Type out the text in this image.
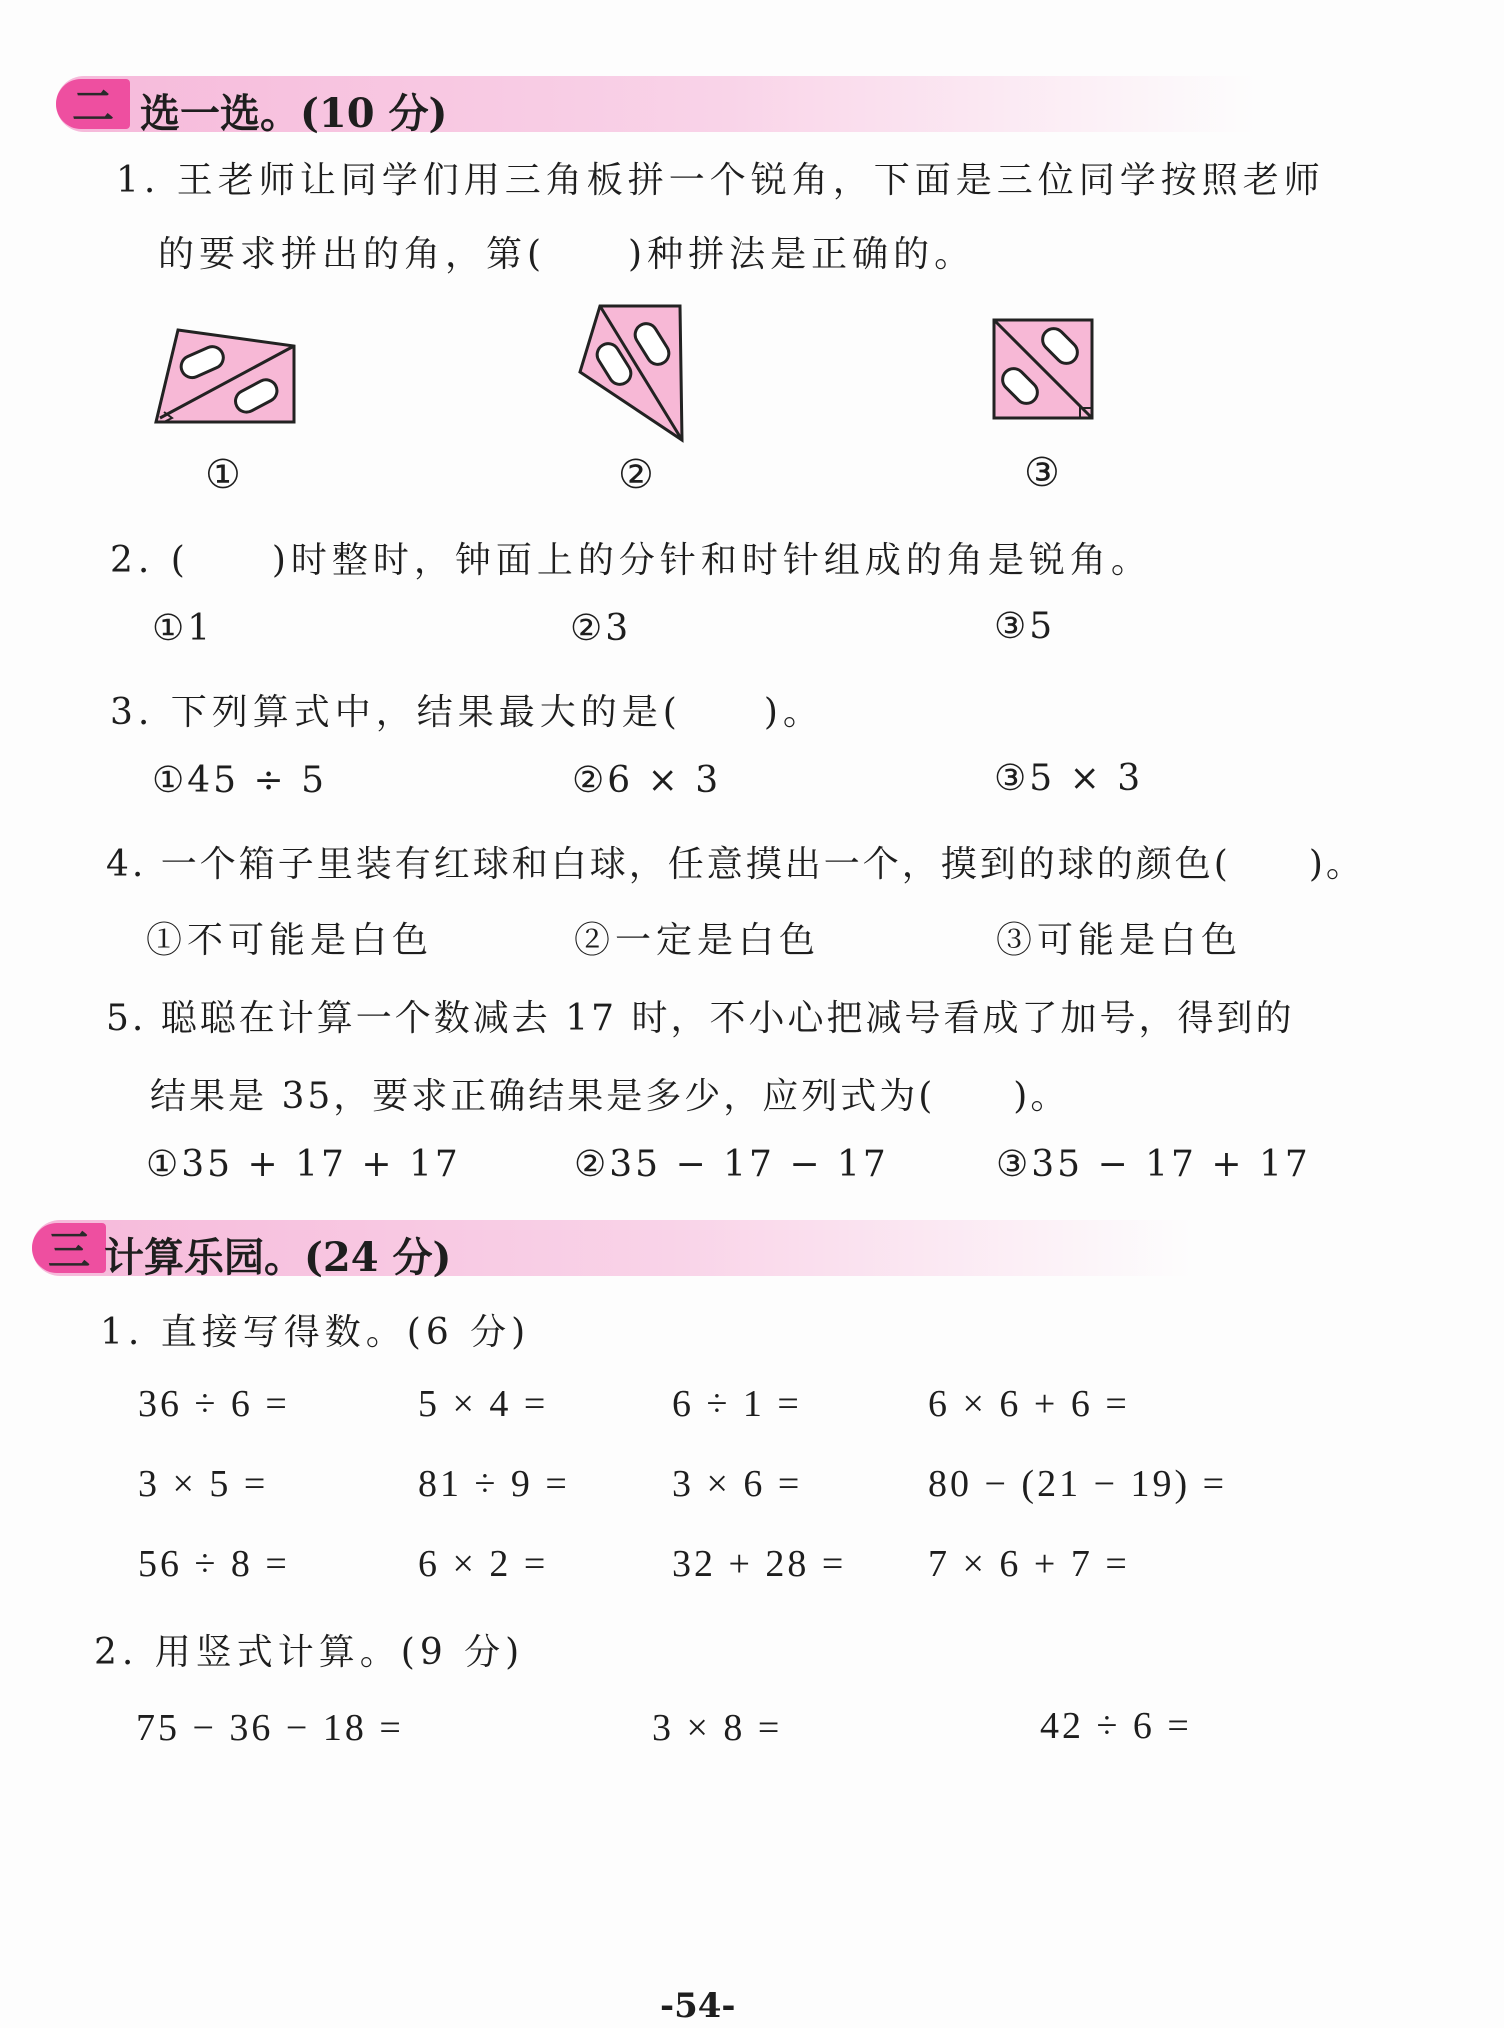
二 选一选。(10 分)
1. 王老师让同学们用三角板拼一个锐角，下面是三位同学按照老师
的要求拼出的角，第(　　)种拼法是正确的。
①	②	③
2. (　　)时整时，钟面上的分针和时针组成的角是锐角。
①1	②3	③5
3. 下列算式中，结果最大的是(　　)。
①45 ÷ 5	②6 × 3	③5 × 3
4. 一个箱子里装有红球和白球，任意摸出一个，摸到的球的颜色(　　)。
①不可能是白色	②一定是白色	③可能是白色
5. 聪聪在计算一个数减去 17 时，不小心把减号看成了加号，得到的
结果是 35，要求正确结果是多少，应列式为(　　)。
①35 + 17 + 17	②35 − 17 − 17	③35 − 17 + 17
三 计算乐园。(24 分)
1. 直接写得数。(6 分)
36 ÷ 6 =	5 × 4 =	6 ÷ 1 =	6 × 6 + 6 =
3 × 5 =	81 ÷ 9 =	3 × 6 =	80 − (21 − 19) =
56 ÷ 8 =	6 × 2 =	32 + 28 = 7 × 6 + 7 =
2. 用竖式计算。(9 分)
75 − 36 − 18 =	3 × 8 =	42 ÷ 6 =
-54-
